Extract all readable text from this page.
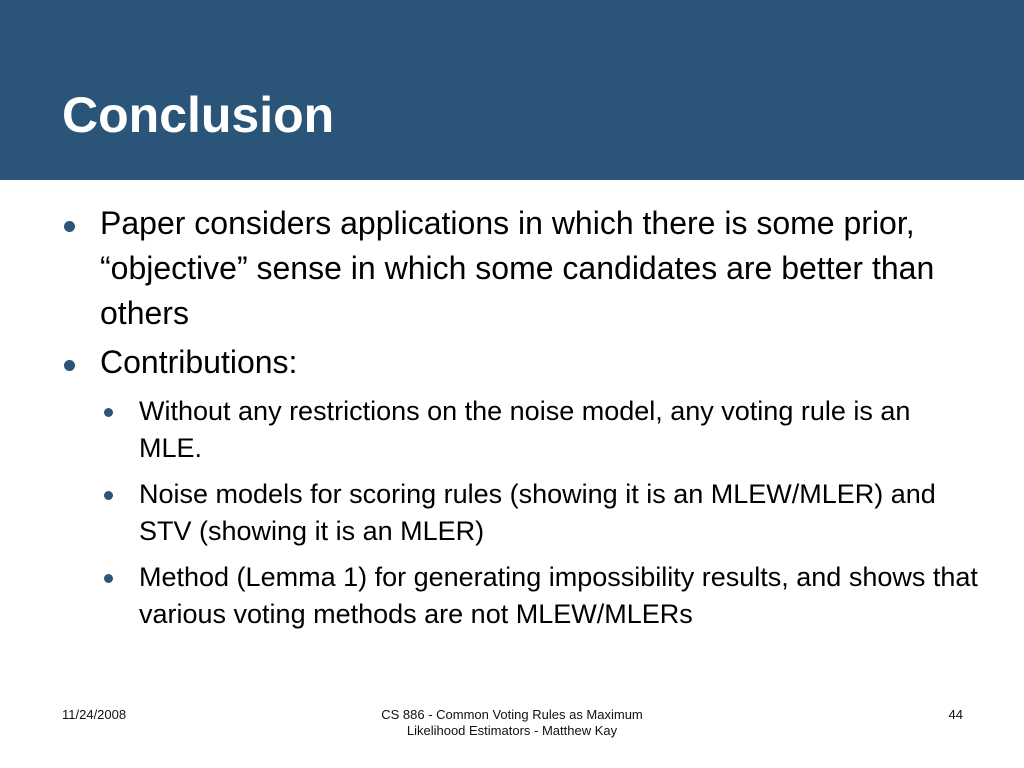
Conclusion
Paper considers applications in which there is some prior, “objective” sense in which some candidates are better than others
Contributions:
Without any restrictions on the noise model, any voting rule is an MLE.
Noise models for scoring rules (showing it is an MLEW/MLER) and STV (showing it is an MLER)
Method (Lemma 1) for generating impossibility results, and shows that various voting methods are not MLEW/MLERs
11/24/2008	CS 886 - Common Voting Rules as Maximum
Likelihood Estimators - Matthew Kay
44
